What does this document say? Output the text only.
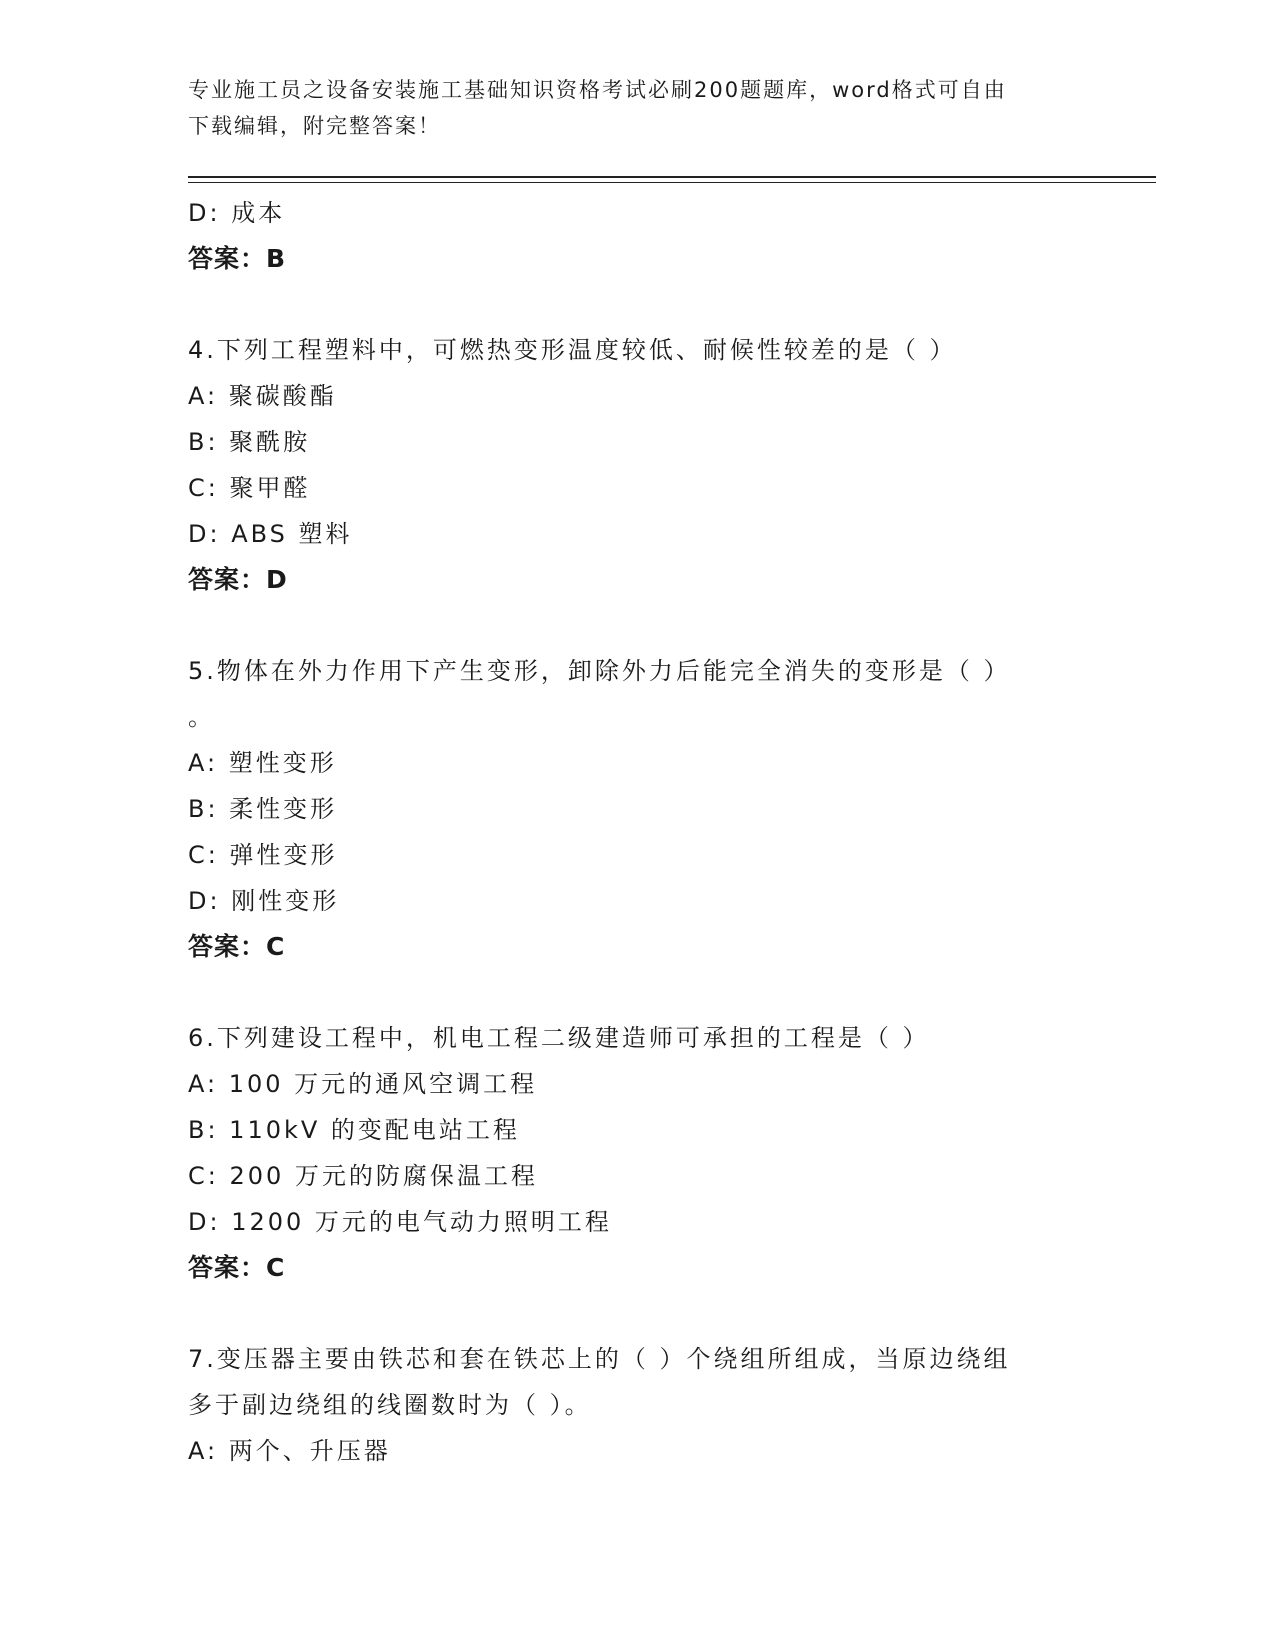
专业施工员之设备安装施工基础知识资格考试必刷200题题库，word格式可自由
下载编辑，附完整答案！
D: 成本
答案：B
4.下列工程塑料中，可燃热变形温度较低、耐候性较差的是（ ）
A: 聚碳酸酯
B: 聚酰胺
C: 聚甲醛
D: ABS 塑料
答案：D
5.物体在外力作用下产生变形，卸除外力后能完全消失的变形是（ ）
。
A: 塑性变形
B: 柔性变形
C: 弹性变形
D: 刚性变形
答案：C
6.下列建设工程中，机电工程二级建造师可承担的工程是（ ）
A: 100 万元的通风空调工程
B: 110kV 的变配电站工程
C: 200 万元的防腐保温工程
D: 1200 万元的电气动力照明工程
答案：C
7.变压器主要由铁芯和套在铁芯上的（ ）个绕组所组成，当原边绕组
多于副边绕组的线圈数时为（ ）。
A: 两个、升压器
